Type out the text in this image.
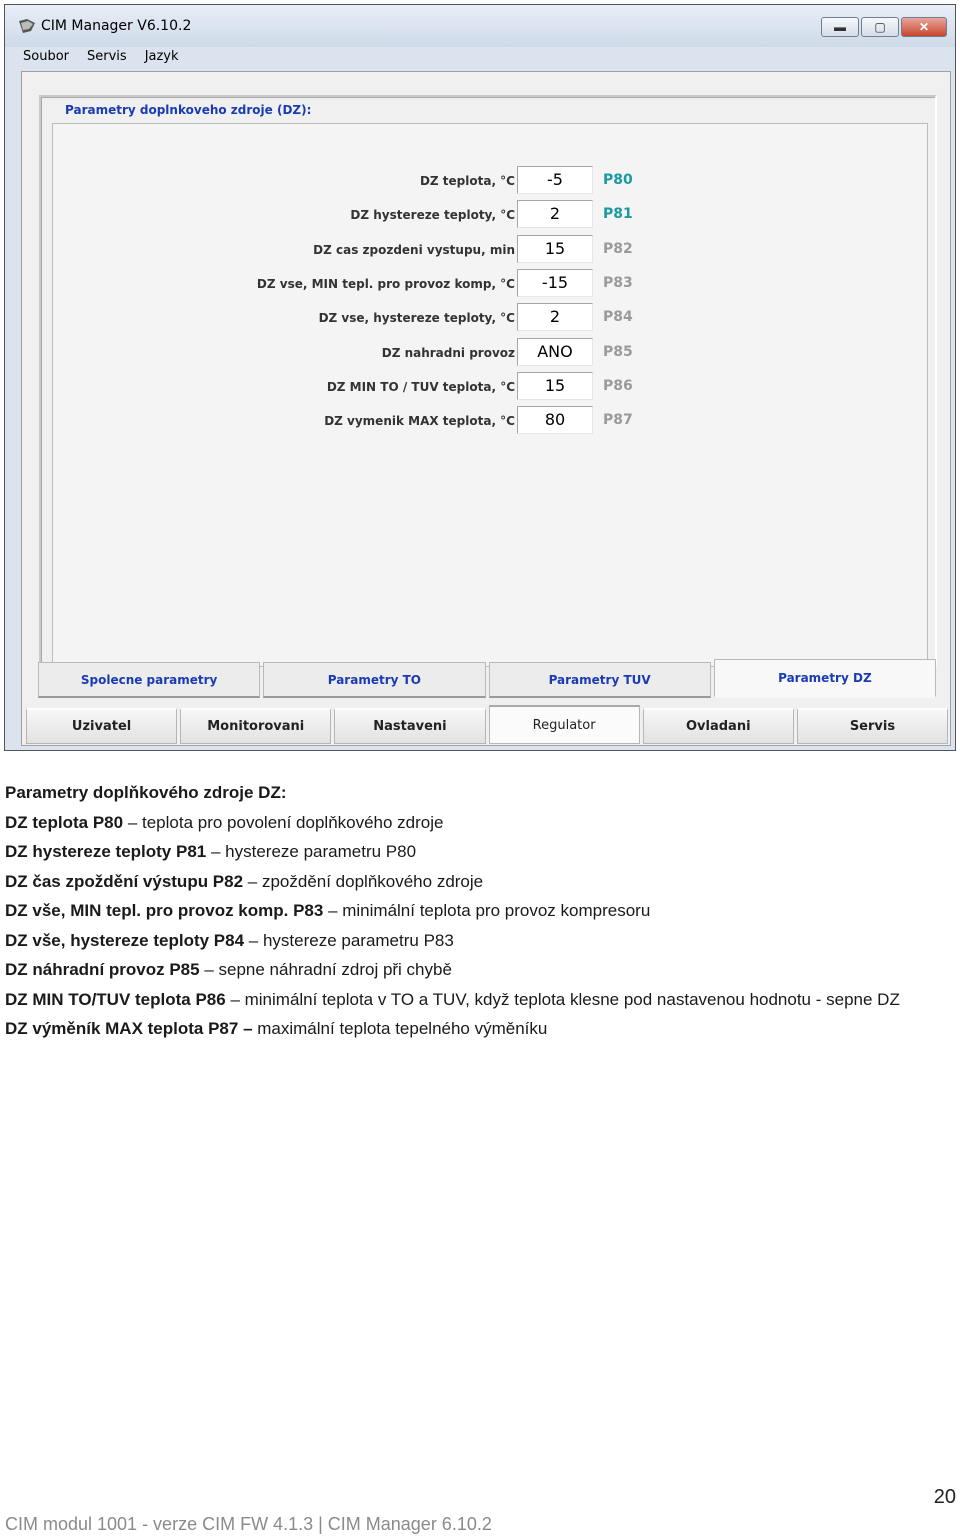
CIM Manager V6.10.2	▬	▢	✕
Soubor Servis Jazyk
Parametry doplnkoveho zdroje (DZ):
DZ teplota, °C	-5	P80
DZ hystereze teploty, °C	2	P81
DZ cas zpozdeni vystupu, min	15	P82
DZ vse, MIN tepl. pro provoz komp, °C	-15	P83
DZ vse, hystereze teploty, °C	2	P84
DZ nahradni provoz	ANO	P85
DZ MIN TO / TUV teplota, °C	15	P86
DZ vymenik MAX teplota, °C	80	P87
Spolecne parametry	Parametry TO	Parametry TUV	Parametry DZ
Uzivatel	Monitorovani	Nastaveni	Regulator	Ovladani	Servis
Parametry doplňkového zdroje DZ:
DZ teplota P80 – teplota pro povolení doplňkového zdroje
DZ hystereze teploty P81 – hystereze parametru P80
DZ čas zpoždění výstupu P82 – zpoždění doplňkového zdroje
DZ vše, MIN tepl. pro provoz komp. P83 – minimální teplota pro provoz kompresoru
DZ vše, hystereze teploty P84 – hystereze parametru P83
DZ náhradní provoz P85 – sepne náhradní zdroj při chybě
DZ MIN TO/TUV teplota P86 – minimální teplota v TO a TUV, když teplota klesne pod nastavenou hodnotu - sepne DZ
DZ výměník MAX teplota P87 – maximální teplota tepelného výměníku
20
CIM modul 1001 - verze CIM FW 4.1.3 | CIM Manager 6.10.2
